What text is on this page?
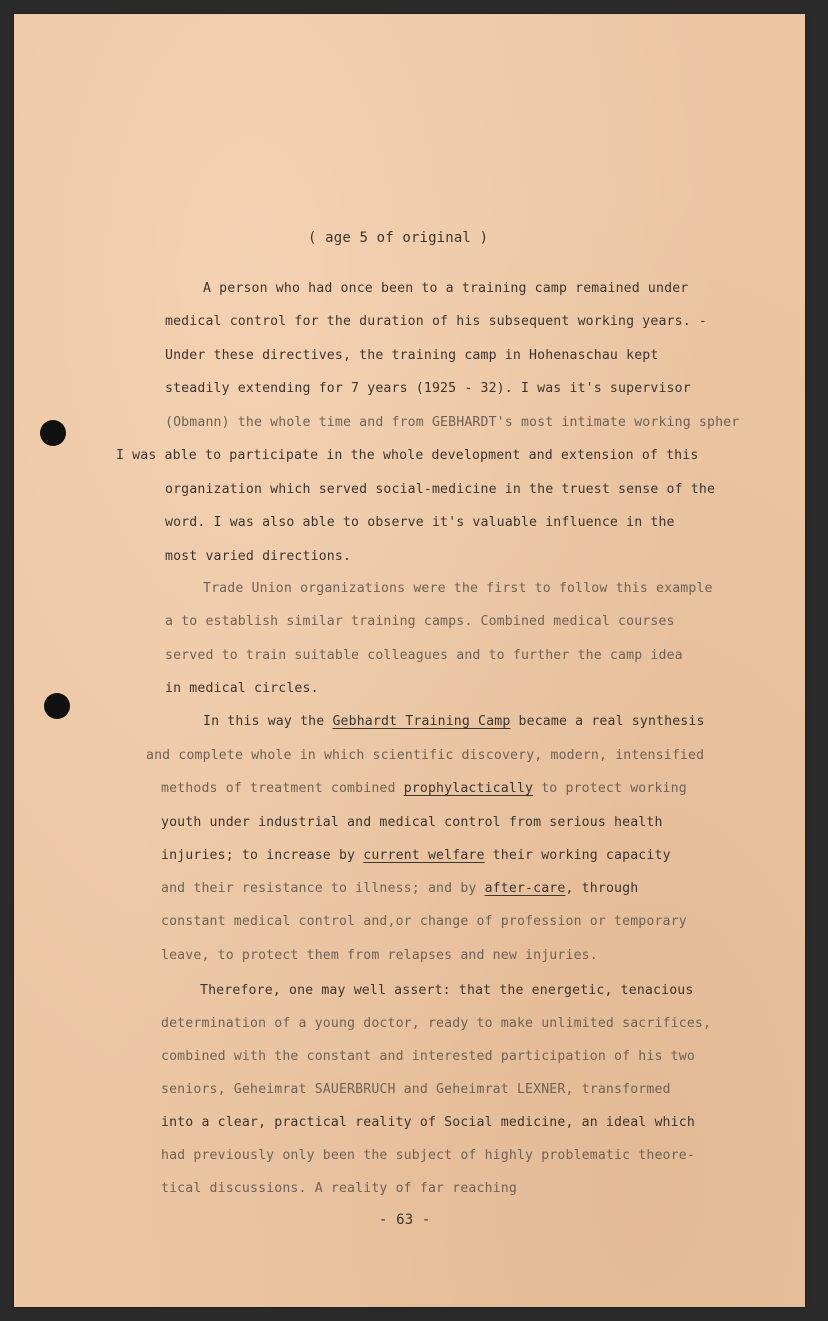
( age 5 of original )
A person who had once been to a training camp remained under
medical control for the duration of his subsequent working years. -
Under these directives, the training camp in Hohenaschau kept
steadily extending for 7 years (1925 - 32). I was it's supervisor
(Obmann) the whole time and from GEBHARDT's most intimate working spher
I was able to participate in the whole development and extension of this
organization which served social-medicine in the truest sense of the
word. I was also able to observe it's valuable influence in the
most varied directions.
Trade Union organizations were the first to follow this example
a to establish similar training camps. Combined medical courses
served to train suitable colleagues and to further the camp idea
in medical circles.
In this way the Gebhardt Training Camp became a real synthesis
and complete whole in which scientific discovery, modern, intensified
methods of treatment combined prophylactically to protect working
youth under industrial and medical control from serious health
injuries; to increase by current welfare their working capacity
and their resistance to illness; and by after-care, through
constant medical control and,or change of profession or temporary
leave, to protect them from relapses and new injuries.
Therefore, one may well assert: that the energetic, tenacious
determination of a young doctor, ready to make unlimited sacrifices,
combined with the constant and interested participation of his two
seniors, Geheimrat SAUERBRUCH and Geheimrat LEXNER, transformed
into a clear, practical reality of Social medicine, an ideal which
had previously only been the subject of highly problematic theore-
tical discussions. A reality of far reaching
- 63 -
